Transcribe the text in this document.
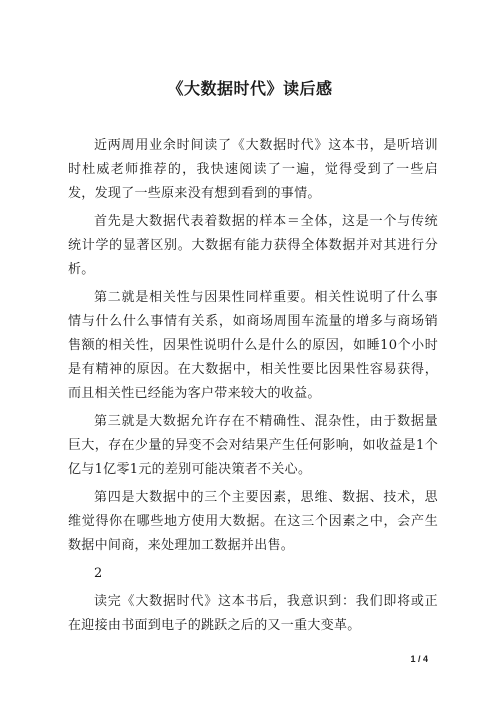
《大数据时代》读后感

近两周用业余时间读了《大数据时代》这本书，是听培训时杜威老师推荐的，我快速阅读了一遍，觉得受到了一些启发，发现了一些原来没有想到看到的事情。

首先是大数据代表着数据的样本＝全体，这是一个与传统统计学的显著区别。大数据有能力获得全体数据并对其进行分析。

第二就是相关性与因果性同样重要。相关性说明了什么事情与什么什么事情有关系，如商场周围车流量的增多与商场销售额的相关性，因果性说明什么是什么的原因，如睡10个小时是有精神的原因。在大数据中，相关性要比因果性容易获得，而且相关性已经能为客户带来较大的收益。

第三就是大数据允许存在不精确性、混杂性，由于数据量巨大，存在少量的异变不会对结果产生任何影响，如收益是1个亿与1亿零1元的差别可能决策者不关心。

第四是大数据中的三个主要因素，思维、数据、技术，思维觉得你在哪些地方使用大数据。在这三个因素之中，会产生数据中间商，来处理加工数据并出售。

2

读完《大数据时代》这本书后，我意识到：我们即将或正在迎接由书面到电子的跳跃之后的又一重大变革。

1 / 4
